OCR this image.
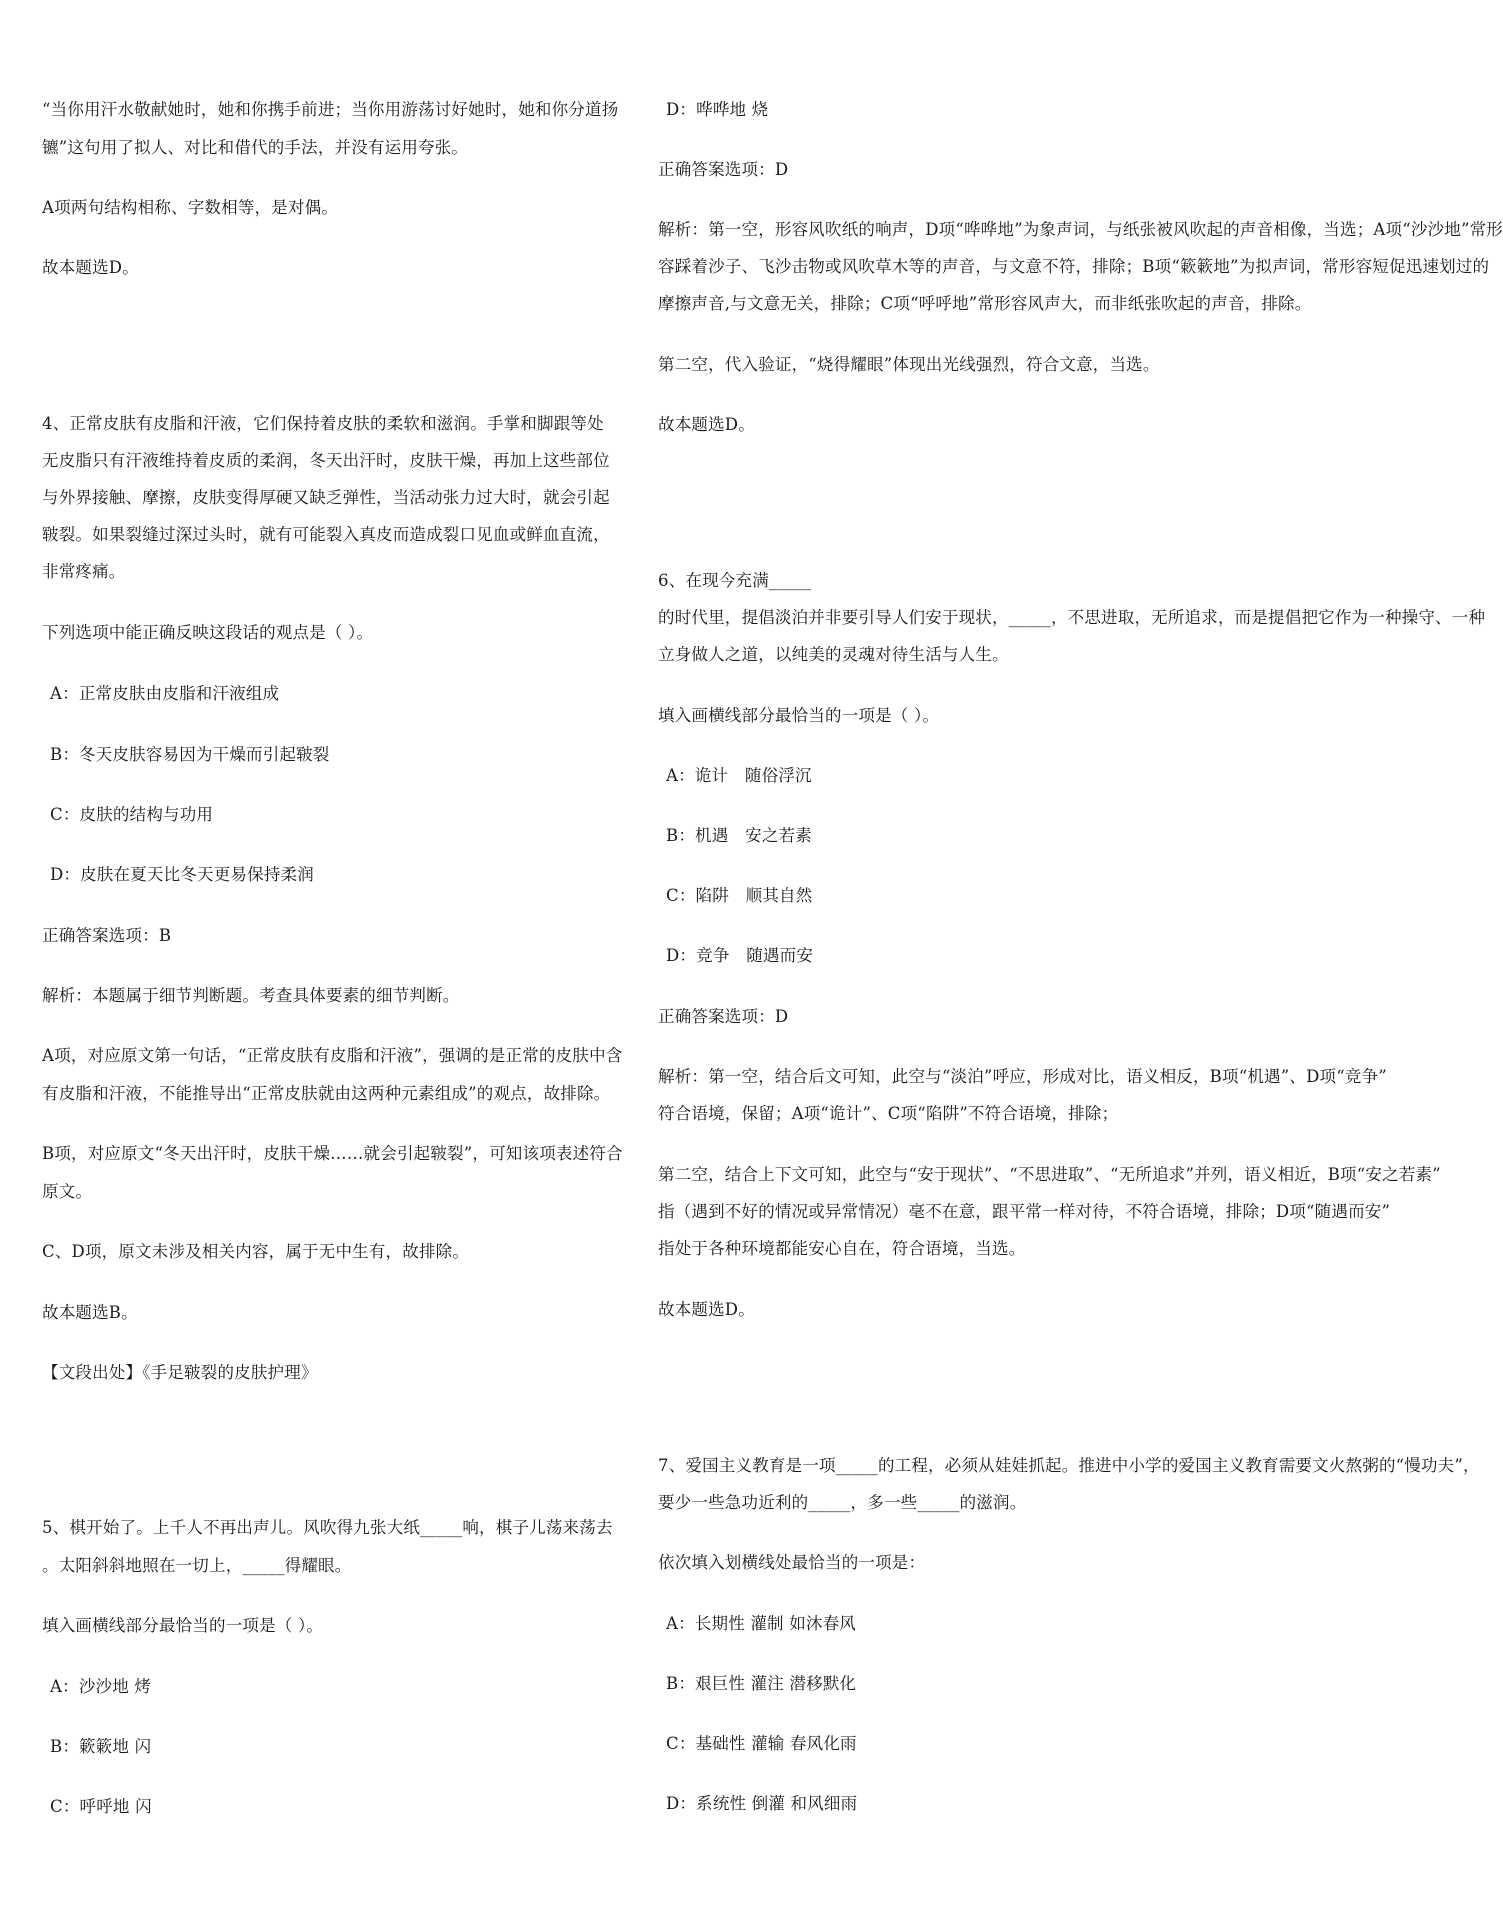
“当你用汗水敬献她时，她和你携手前进；当你用游荡讨好她时，她和你分道扬
镳”这句用了拟人、对比和借代的手法，并没有运用夸张。
A项两句结构相称、字数相等，是对偶。
故本题选D。
4、正常皮肤有皮脂和汗液，它们保持着皮肤的柔软和滋润。手掌和脚跟等处
无皮脂只有汗液维持着皮质的柔润，冬天出汗时，皮肤干燥，再加上这些部位
与外界接触、摩擦，皮肤变得厚硬又缺乏弹性，当活动张力过大时，就会引起
皲裂。如果裂缝过深过头时，就有可能裂入真皮而造成裂口见血或鲜血直流，
非常疼痛。
下列选项中能正确反映这段话的观点是（ ）。
A：正常皮肤由皮脂和汗液组成
B：冬天皮肤容易因为干燥而引起皲裂
C：皮肤的结构与功用
D：皮肤在夏天比冬天更易保持柔润
正确答案选项：B
解析：本题属于细节判断题。考查具体要素的细节判断。
A项，对应原文第一句话，“正常皮肤有皮脂和汗液”，强调的是正常的皮肤中含
有皮脂和汗液，不能推导出“正常皮肤就由这两种元素组成”的观点，故排除。
B项，对应原文“冬天出汗时，皮肤干燥……就会引起皲裂”，可知该项表述符合
原文。
C、D项，原文未涉及相关内容，属于无中生有，故排除。
故本题选B。
【文段出处】《手足皲裂的皮肤护理》
5、棋开始了。上千人不再出声儿。风吹得九张大纸_____响，棋子儿荡来荡去
。太阳斜斜地照在一切上，_____得耀眼。
填入画横线部分最恰当的一项是（ ）。
A：沙沙地 烤
B：簌簌地 闪
C：呼呼地 闪
D：哗哗地 烧
正确答案选项：D
解析：第一空，形容风吹纸的响声，D项“哗哗地”为象声词，与纸张被风吹起的声音相像，当选；A项“沙沙地”常形
容踩着沙子、飞沙击物或风吹草木等的声音，与文意不符，排除；B项“簌簌地”为拟声词，常形容短促迅速划过的
摩擦声音,与文意无关，排除；C项“呼呼地”常形容风声大，而非纸张吹起的声音，排除。
第二空，代入验证，“烧得耀眼”体现出光线强烈，符合文意，当选。
故本题选D。
6、在现今充满_____
的时代里，提倡淡泊并非要引导人们安于现状，_____，不思进取，无所追求，而是提倡把它作为一种操守、一种
立身做人之道，以纯美的灵魂对待生活与人生。
填入画横线部分最恰当的一项是（ ）。
A：诡计　随俗浮沉
B：机遇　安之若素
C：陷阱　顺其自然
D：竞争　随遇而安
正确答案选项：D
解析：第一空，结合后文可知，此空与“淡泊”呼应，形成对比，语义相反，B项“机遇”、D项“竞争”
符合语境，保留；A项“诡计”、C项“陷阱”不符合语境，排除；
第二空，结合上下文可知，此空与“安于现状”、“不思进取”、“无所追求”并列，语义相近，B项“安之若素”
指（遇到不好的情况或异常情况）毫不在意，跟平常一样对待，不符合语境，排除；D项“随遇而安”
指处于各种环境都能安心自在，符合语境，当选。
故本题选D。
7、爱国主义教育是一项_____的工程，必须从娃娃抓起。推进中小学的爱国主义教育需要文火熬粥的“慢功夫”，
要少一些急功近利的_____，多一些_____的滋润。
依次填入划横线处最恰当的一项是：
A：长期性 灌制 如沐春风
B：艰巨性 灌注 潜移默化
C：基础性 灌输 春风化雨
D：系统性 倒灌 和风细雨
